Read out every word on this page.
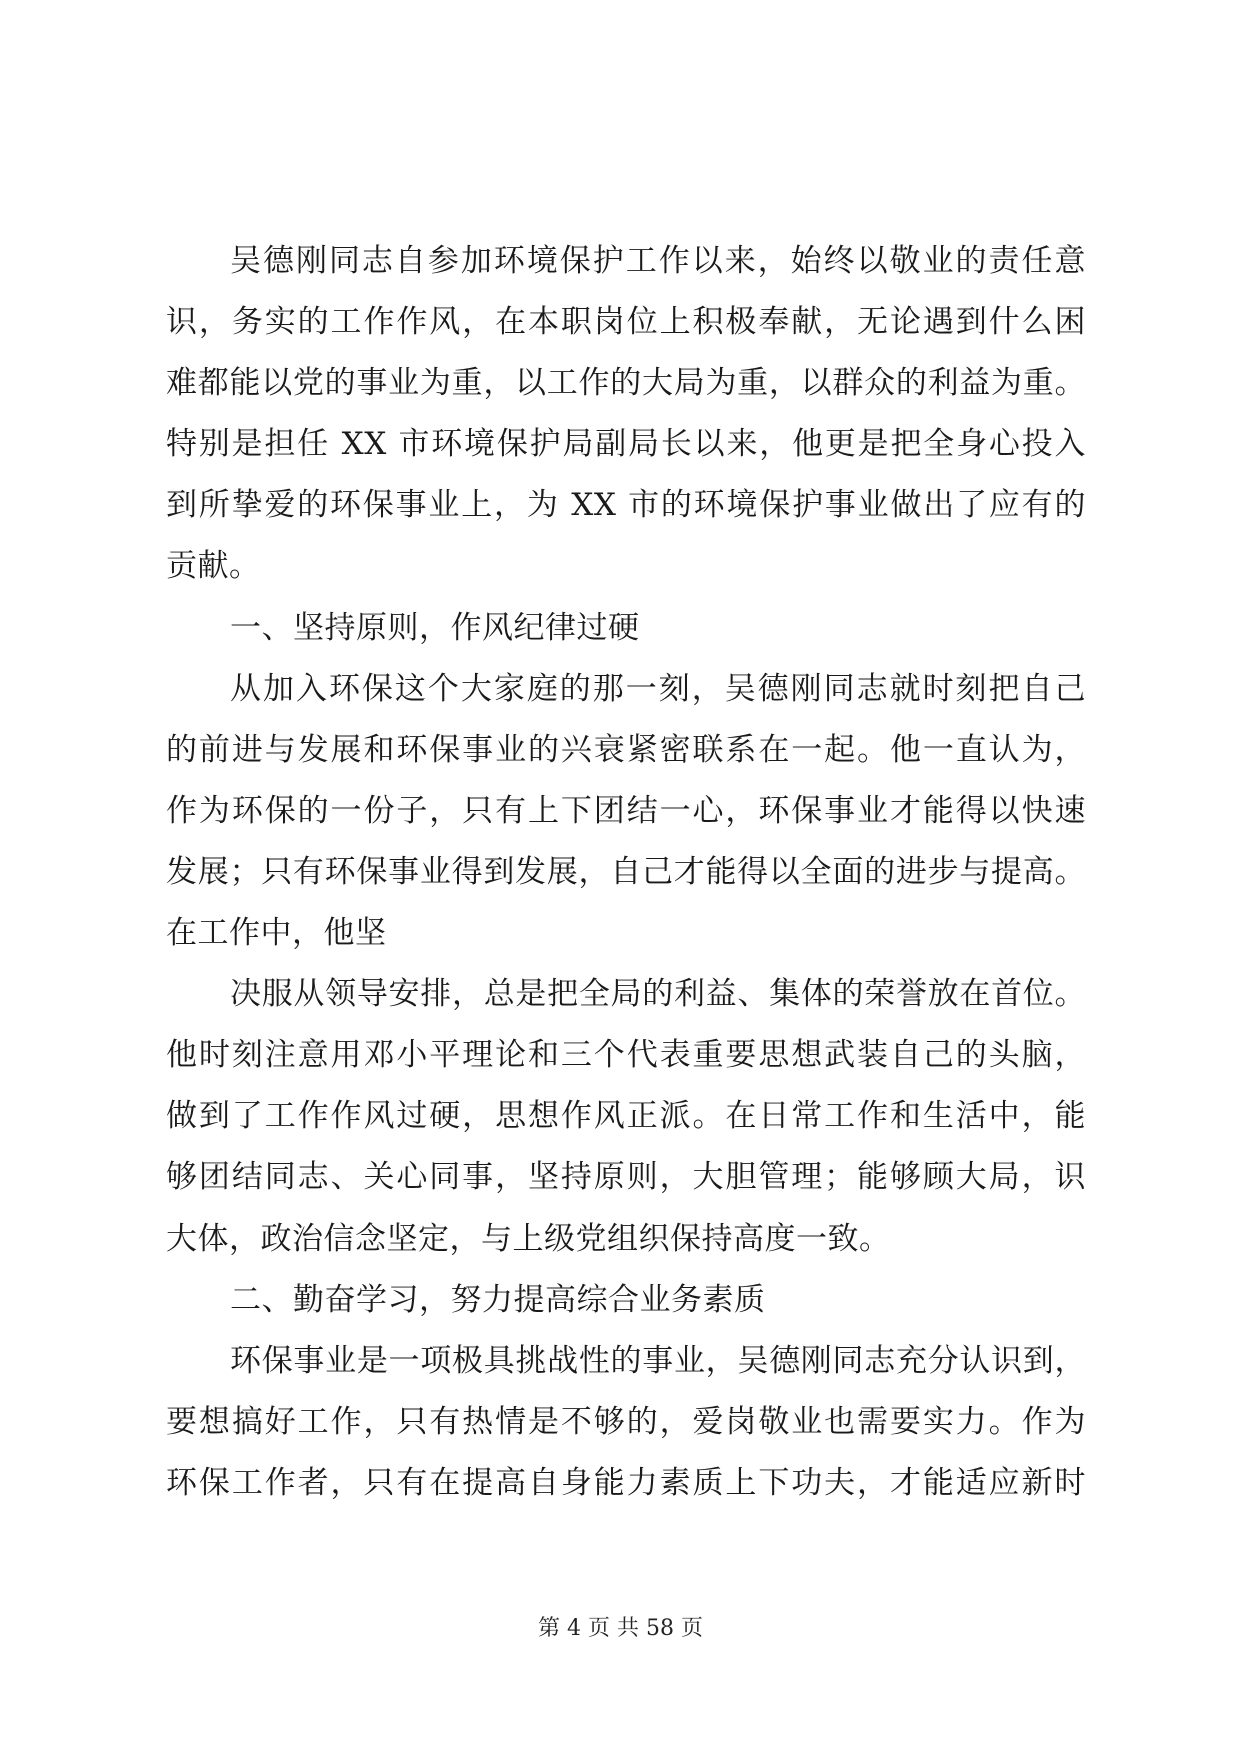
吴德刚同志自参加环境保护工作以来，始终以敬业的责任意
识，务实的工作作风，在本职岗位上积极奉献，无论遇到什么困
难都能以党的事业为重，以工作的大局为重，以群众的利益为重。
特别是担任 XX 市环境保护局副局长以来，他更是把全身心投入
到所挚爱的环保事业上，为 XX 市的环境保护事业做出了应有的
贡献。
一、坚持原则，作风纪律过硬
从加入环保这个大家庭的那一刻，吴德刚同志就时刻把自己
的前进与发展和环保事业的兴衰紧密联系在一起。他一直认为，
作为环保的一份子，只有上下团结一心，环保事业才能得以快速
发展；只有环保事业得到发展，自己才能得以全面的进步与提高。
在工作中，他坚
决服从领导安排，总是把全局的利益、集体的荣誉放在首位。
他时刻注意用邓小平理论和三个代表重要思想武装自己的头脑，
做到了工作作风过硬，思想作风正派。在日常工作和生活中，能
够团结同志、关心同事，坚持原则，大胆管理；能够顾大局，识
大体，政治信念坚定，与上级党组织保持高度一致。
二、勤奋学习，努力提高综合业务素质
环保事业是一项极具挑战性的事业，吴德刚同志充分认识到，
要想搞好工作，只有热情是不够的，爱岗敬业也需要实力。作为
环保工作者，只有在提高自身能力素质上下功夫，才能适应新时
第 4 页 共 58 页
